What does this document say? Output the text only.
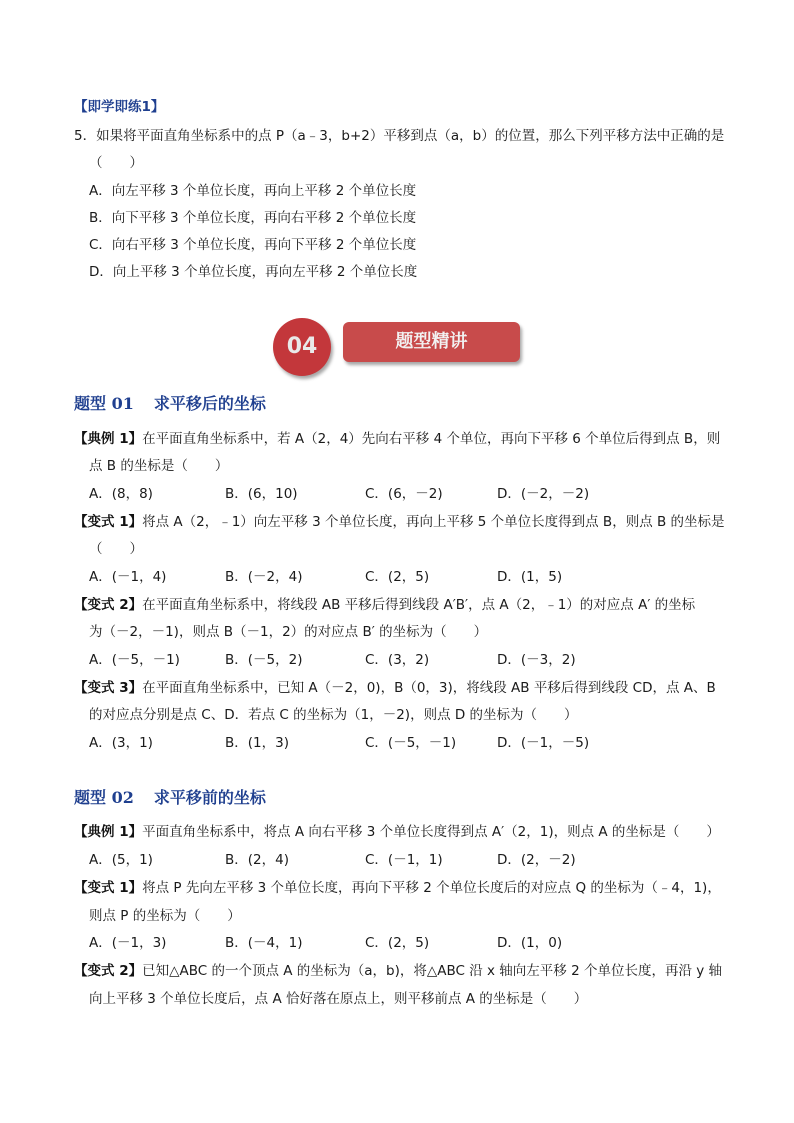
【即学即练1】
5．如果将平面直角坐标系中的点 P（a﹣3，b+2）平移到点（a，b）的位置，那么下列平移方法中正确的是
（　　）
A．向左平移 3 个单位长度，再向上平移 2 个单位长度
B．向下平移 3 个单位长度，再向右平移 2 个单位长度
C．向右平移 3 个单位长度，再向下平移 2 个单位长度
D．向上平移 3 个单位长度，再向左平移 2 个单位长度
题型精讲
04
题型 01 求平移后的坐标
【典例 1】在平面直角坐标系中，若 A（2，4）先向右平移 4 个单位，再向下平移 6 个单位后得到点 B，则
点 B 的坐标是（　　）
A．(8，8)	B．(6，10)	C．(6，－2)	D．(－2，－2)
【变式 1】将点 A（2，﹣1）向左平移 3 个单位长度，再向上平移 5 个单位长度得到点 B，则点 B 的坐标是
（　　）
A．(－1，4)	B．(－2，4)	C．(2，5)	D．(1，5)
【变式 2】在平面直角坐标系中，将线段 AB 平移后得到线段 A′B′，点 A（2，﹣1）的对应点 A′ 的坐标
为（－2，－1)，则点 B（－1，2）的对应点 B′ 的坐标为（　　）
A．(－5，－1)	B．(－5，2)	C．(3，2)	D．(－3，2)
【变式 3】在平面直角坐标系中，已知 A（－2，0)，B（0，3)，将线段 AB 平移后得到线段 CD，点 A、B
的对应点分别是点 C、D．若点 C 的坐标为（1，－2)，则点 D 的坐标为（　　）
A．(3，1)	B．(1，3)	C．(－5，－1)	D．(－1，－5)
题型 02 求平移前的坐标
【典例 1】平面直角坐标系中，将点 A 向右平移 3 个单位长度得到点 A′（2，1)，则点 A 的坐标是（　　）
A．(5，1)	B．(2，4)	C．(－1，1)	D．(2，－2)
【变式 1】将点 P 先向左平移 3 个单位长度，再向下平移 2 个单位长度后的对应点 Q 的坐标为（﹣4，1)，
则点 P 的坐标为（　　）
A．(－1，3)	B．(－4，1)	C．(2，5)	D．(1，0)
【变式 2】已知△ABC 的一个顶点 A 的坐标为（a，b)，将△ABC 沿 x 轴向左平移 2 个单位长度，再沿 y 轴
向上平移 3 个单位长度后，点 A 恰好落在原点上，则平移前点 A 的坐标是（　　）
